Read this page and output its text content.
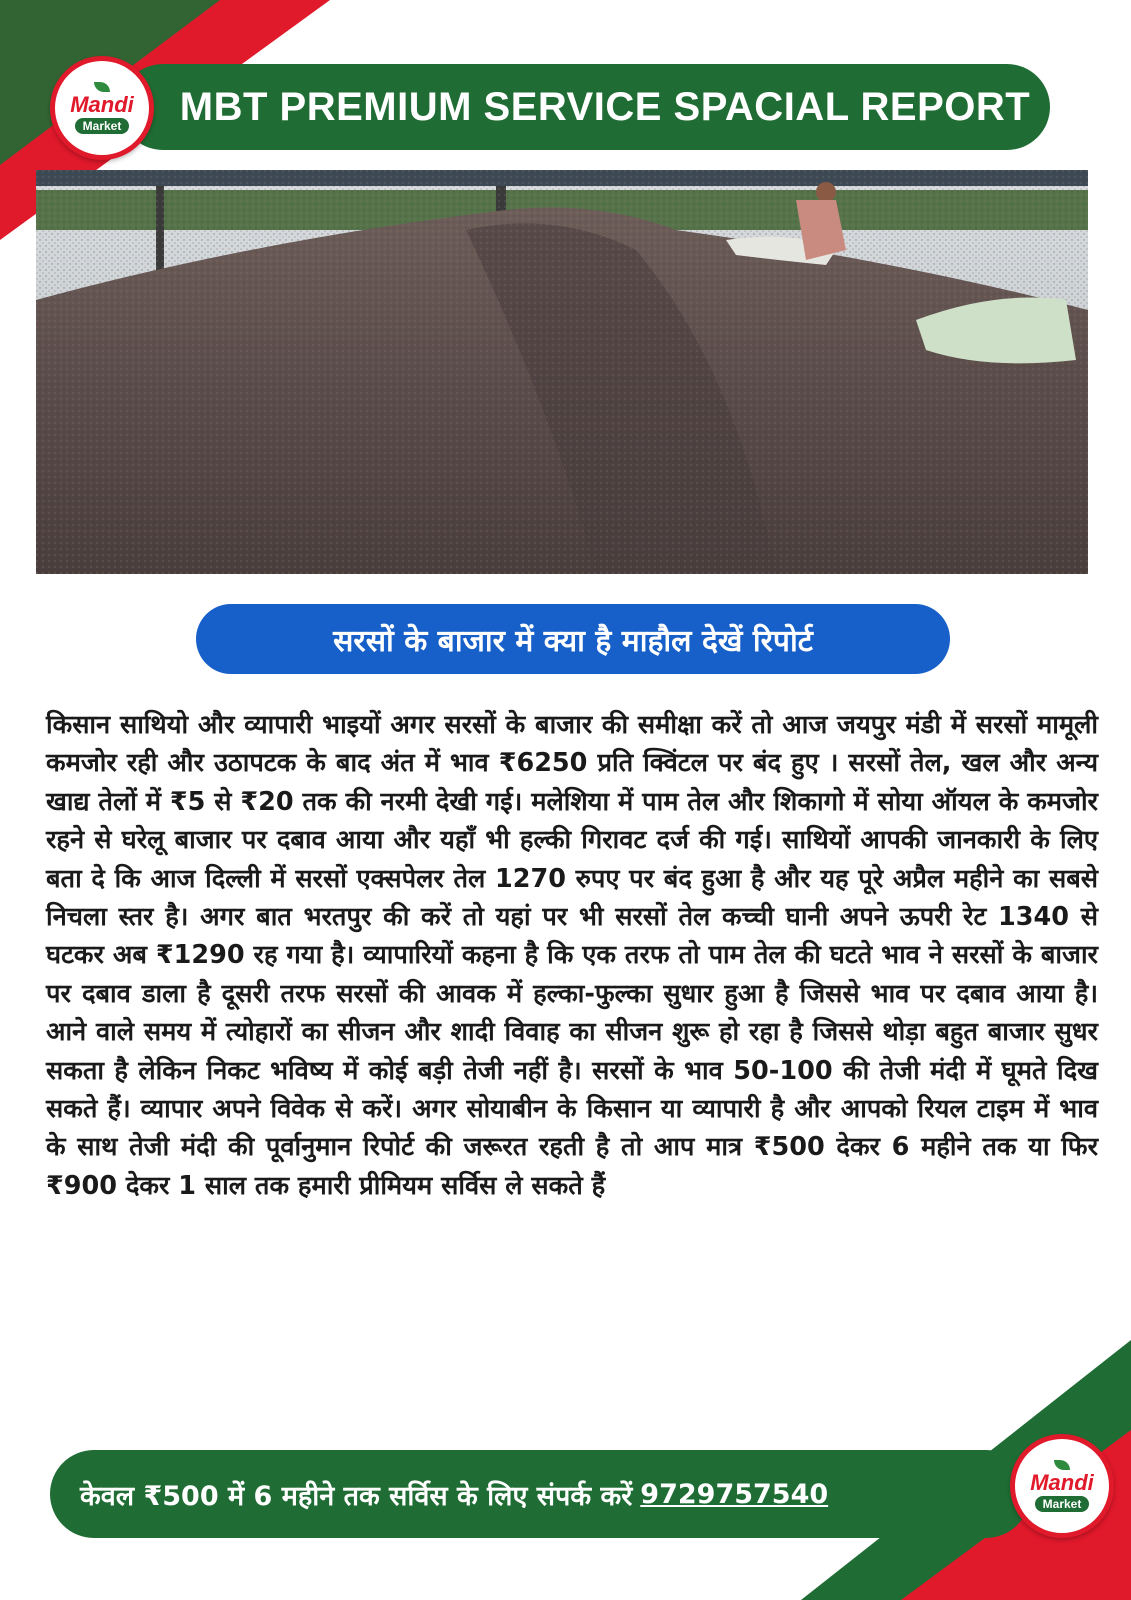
MBT PREMIUM SERVICE SPACIAL REPORT
Mandi
Market
सरसों के बाजार में क्या है माहौल देखें रिपोर्ट

किसान साथियो और व्यापारी भाइयों अगर सरसों के बाजार की समीक्षा करें तो आज जयपुर मंडी में सरसों मामूली कमजोर रही और उठापटक के बाद अंत में भाव ₹6250 प्रति क्विंटल पर बंद हुए । सरसों तेल, खल और अन्य खाद्य तेलों में ₹5 से ₹20 तक की नरमी देखी गई। मलेशिया में पाम तेल और शिकागो में सोया ऑयल के कमजोर रहने से घरेलू बाजार पर दबाव आया और यहाँ भी हल्की गिरावट दर्ज की गई। साथियों आपकी जानकारी के लिए बता दे कि आज दिल्ली में सरसों एक्सपेलर तेल 1270 रुपए पर बंद हुआ है और यह पूरे अप्रैल महीने का सबसे निचला स्तर है। अगर बात भरतपुर की करें तो यहां पर भी सरसों तेल कच्ची घानी अपने ऊपरी रेट 1340 से घटकर अब ₹1290 रह गया है। व्यापारियों कहना है कि एक तरफ तो पाम तेल की घटते भाव ने सरसों के बाजार पर दबाव डाला है दूसरी तरफ सरसों की आवक में हल्का-फुल्का सुधार हुआ है जिससे भाव पर दबाव आया है। आने वाले समय में त्योहारों का सीजन और शादी विवाह का सीजन शुरू हो रहा है जिससे थोड़ा बहुत बाजार सुधर सकता है लेकिन निकट भविष्य में कोई बड़ी तेजी नहीं है। सरसों के भाव 50-100 की तेजी मंदी में घूमते दिख सकते हैं। व्यापार अपने विवेक से करें। अगर सोयाबीन के किसान या व्यापारी है और आपको रियल टाइम में भाव के साथ तेजी मंदी की पूर्वानुमान रिपोर्ट की जरूरत रहती है तो आप मात्र ₹500 देकर 6 महीने तक या फिर ₹900 देकर 1 साल तक हमारी प्रीमियम सर्विस ले सकते हैं

केवल ₹500 में 6 महीने तक सर्विस के लिए संपर्क करें 9729757540	Mandi
Market
